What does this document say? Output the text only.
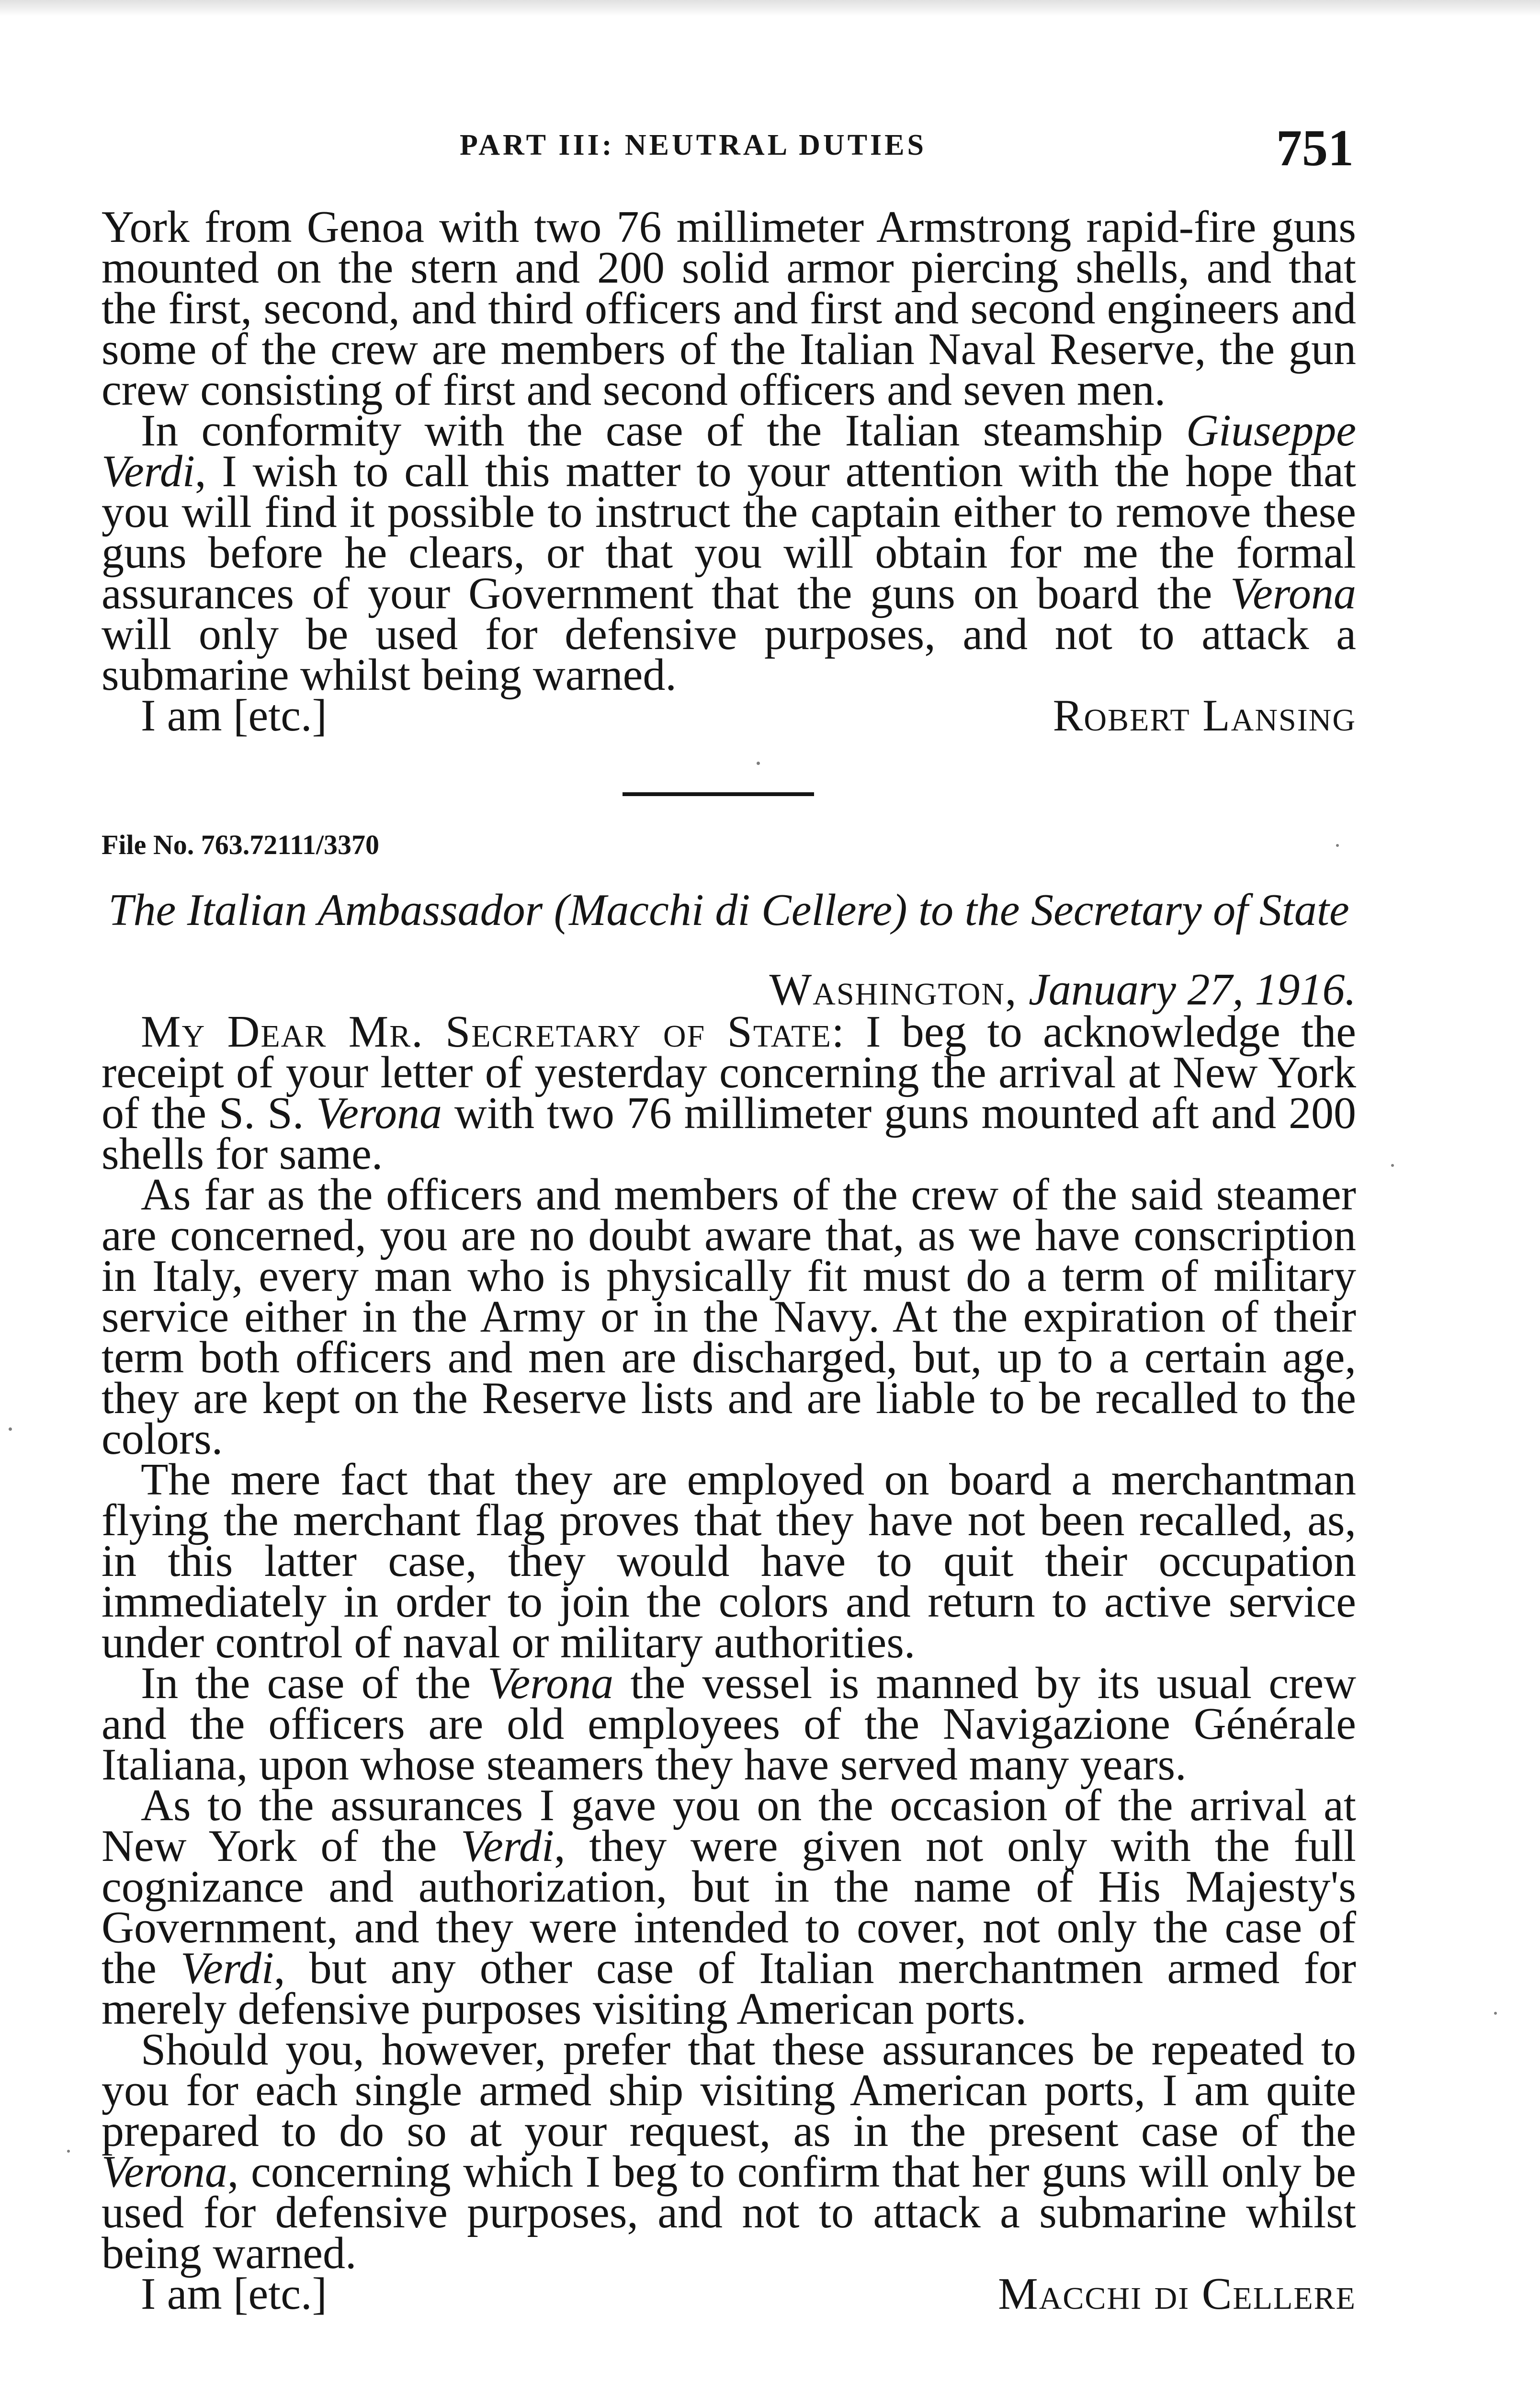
PART III: NEUTRAL DUTIES	751

York from Genoa with two 76 millimeter Armstrong rapid-fire guns mounted on the stern and 200 solid armor piercing shells, and that the first, second, and third officers and first and second engineers and some of the crew are members of the Italian Naval Reserve, the gun crew consisting of first and second officers and seven men.

In conformity with the case of the Italian steamship Giuseppe Verdi, I wish to call this matter to your attention with the hope that you will find it possible to instruct the captain either to remove these guns before he clears, or that you will obtain for me the formal assurances of your Government that the guns on board the Verona will only be used for defensive purposes, and not to attack a submarine whilst being warned.

I am [etc.]	Robert Lansing
File No. 763.72111/3370
The Italian Ambassador (Macchi di Cellere) to the Secretary of State
Washington, January 27, 1916.

My Dear Mr. Secretary of State: I beg to acknowledge the receipt of your letter of yesterday concerning the arrival at New York of the S. S. Verona with two 76 millimeter guns mounted aft and 200 shells for same.

As far as the officers and members of the crew of the said steamer are concerned, you are no doubt aware that, as we have conscription in Italy, every man who is physically fit must do a term of military service either in the Army or in the Navy. At the expiration of their term both officers and men are discharged, but, up to a certain age, they are kept on the Reserve lists and are liable to be recalled to the colors.

The mere fact that they are employed on board a merchantman flying the merchant flag proves that they have not been recalled, as, in this latter case, they would have to quit their occupation immediately in order to join the colors and return to active service under control of naval or military authorities.

In the case of the Verona the vessel is manned by its usual crew and the officers are old employees of the Navigazione Générale Italiana, upon whose steamers they have served many years.

As to the assurances I gave you on the occasion of the arrival at New York of the Verdi, they were given not only with the full cognizance and authorization, but in the name of His Majesty's Government, and they were intended to cover, not only the case of the Verdi, but any other case of Italian merchantmen armed for merely defensive purposes visiting American ports.

Should you, however, prefer that these assurances be repeated to you for each single armed ship visiting American ports, I am quite prepared to do so at your request, as in the present case of the Verona, concerning which I beg to confirm that her guns will only be used for defensive purposes, and not to attack a submarine whilst being warned.

I am [etc.]	Macchi di Cellere
